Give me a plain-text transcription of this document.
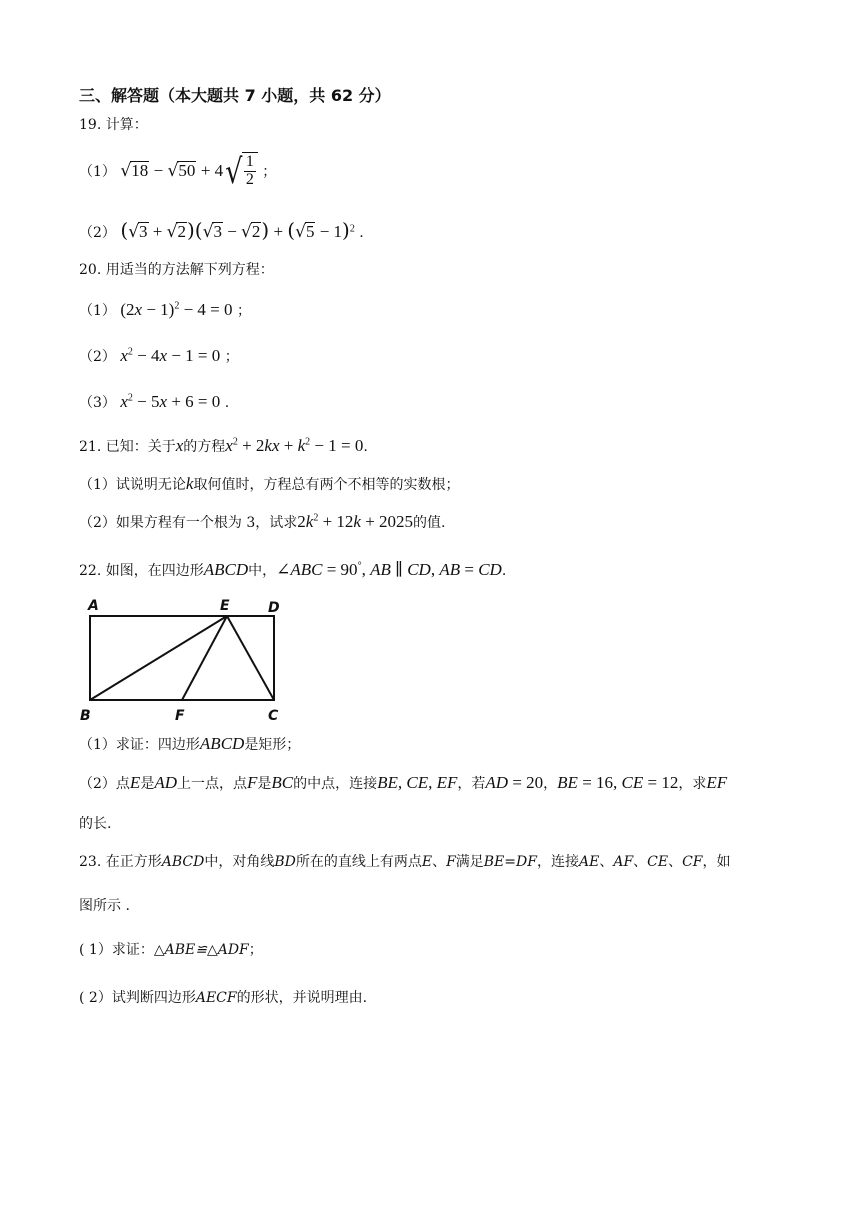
三、解答题（本大题共 7 小题，共 62 分）
19. 计算：
（1） √18 − √50 + 4 √ $\frac{1}{2}$ ；
（2） $(√3 + √2)(√3 - √2) + (√5 - 1)^2$ .
20. 用适当的方法解下列方程：
（1） $(2x - 1)^2 - 4 = 0$ ；
（2） $x^2 - 4x - 1 = 0$ ；
（3） $x^2 - 5x + 6 = 0$ .
21. 已知：关于x的方程$x^2 + 2kx + k^2 - 1 = 0$.
（1）试说明无论k取何值时，方程总有两个不相等的实数根；
（2）如果方程有一个根为 3，试求$2k^2 + 12k + 2025$的值.
22. 如图，在四边形ABCD中，∠ABC = 90°, AB ∥ CD, AB = CD.
A	E	D
B	F	C
（1）求证：四边形ABCD是矩形；
（2）点E是AD上一点，点F是BC的中点，连接BE, CE, EF，若AD = 20，BE = 16, CE = 12，求EF
的长.
23. 在正方形ABCD中，对角线BD所在的直线上有两点E、F满足BE=DF，连接AE、AF、CE、CF，如
图所示 .
( 1）求证：△ABE≌△ADF；
( 2）试判断四边形AECF的形状，并说明理由.
